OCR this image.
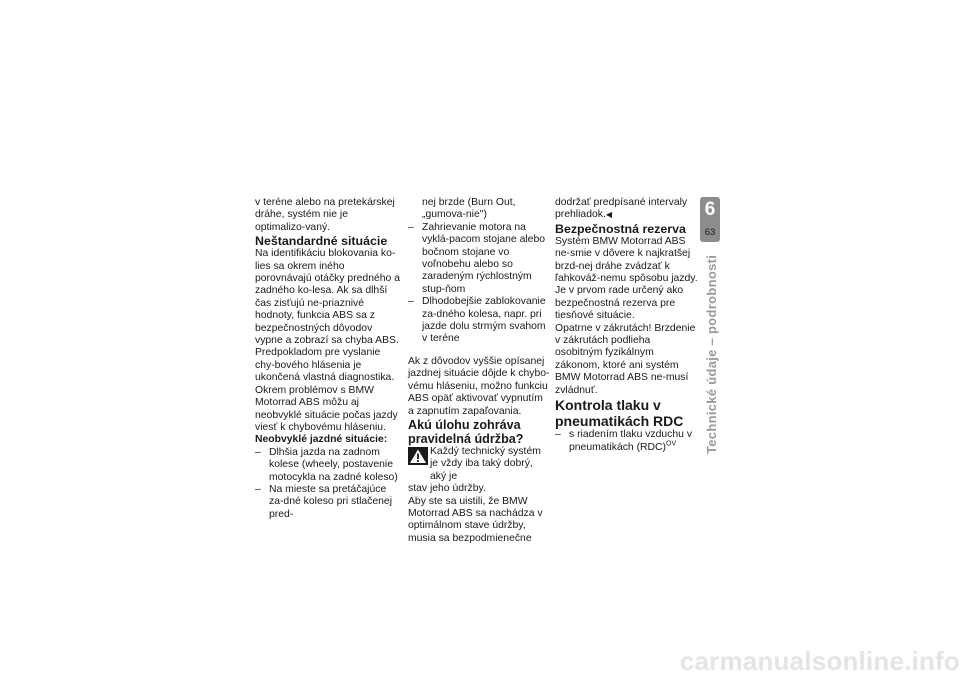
v teréne alebo na pretekárskej dráhe, systém nie je optimalizo-vaný.

Neštandardné situácie

Na identifikáciu blokovania ko-lies sa okrem iného porovnávajú otáčky predného a zadného ko-lesa. Ak sa dlhší čas zisťujú ne-priaznivé hodnoty, funkcia ABS sa z bezpečnostných dôvodov vypne a zobrazí sa chyba ABS. Predpokladom pre vyslanie chy-bového hlásenia je ukončená vlastná diagnostika.

Okrem problémov s BMW Motorrad ABS môžu aj neobvyklé situácie počas jazdy viesť k chybovému hláseniu.

Neobvyklé jazdné situácie:

– Dlhšia jazda na zadnom kolese (wheely, postavenie motocykla na zadné koleso)

– Na mieste sa pretáčajúce za-dné koleso pri stlačenej pred-

nej brzde (Burn Out, „gumova-nie")

– Zahrievanie motora na vyklá-pacom stojane alebo bočnom stojane vo voľnobehu alebo so zaradeným rýchlostným stup-ňom

– Dlhodobejšie zablokovanie za-dného kolesa, napr. pri jazde dolu strmým svahom v teréne

Ak z dôvodov vyššie opísanej jazdnej situácie dôjde k chybo-vému hláseniu, možno funkciu ABS opäť aktivovať vypnutím a zapnutím zapaľovania.

Akú úlohu zohráva pravidelná údržba?

Každý technický systém je vždy iba taký dobrý, aký je

stav jeho údržby.

Aby ste sa uistili, že BMW Motorrad ABS sa nachádza v optimálnom stave údržby, musia sa bezpodmienečne

dodržať predpísané intervaly prehliadok.◀

Bezpečnostná rezerva

Systém BMW Motorrad ABS ne-smie v dôvere k najkratšej brzd-nej dráhe zvádzať k ľahkováž-nemu spôsobu jazdy. Je v prvom rade určený ako bezpečnostná rezerva pre tiesňové situácie.

Opatrne v zákrutách! Brzdenie v zákrutách podlieha osobitným fyzikálnym zákonom, ktoré ani systém BMW Motorrad ABS ne-musí zvládnuť.

Kontrola tlaku v pneumatikách RDC

– s riadením tlaku vzduchu v pneumatikách (RDC)$^{OV}$

6
63
Technické údaje – podrobnosti
carmanualsonline.info
